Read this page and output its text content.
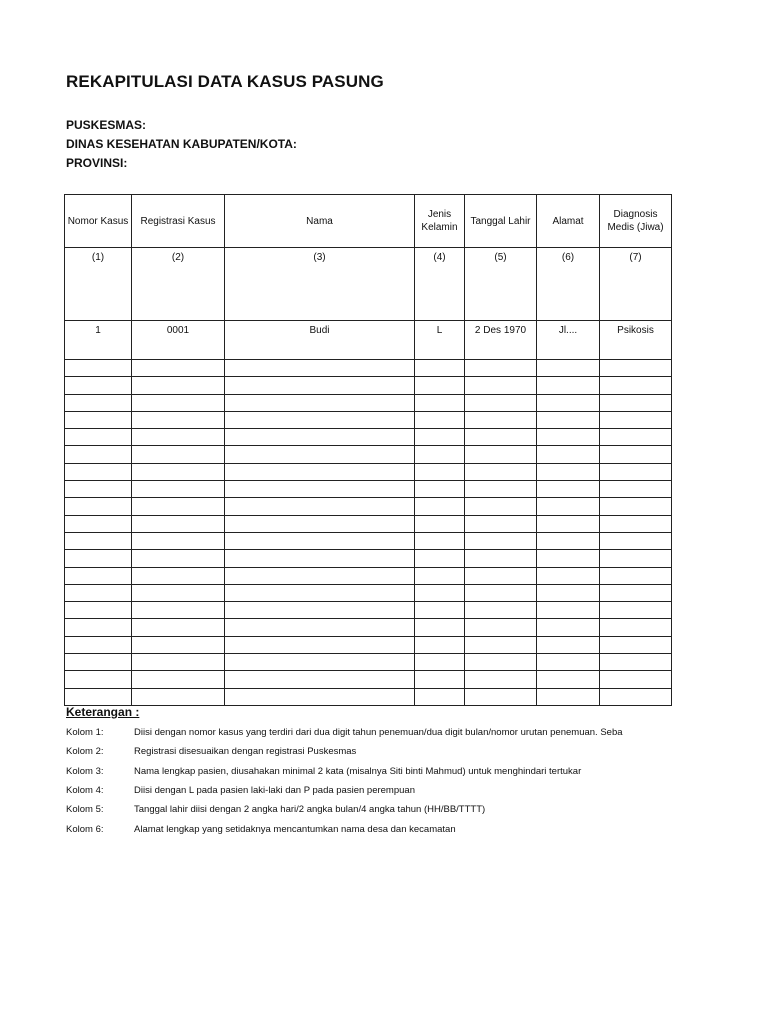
REKAPITULASI DATA KASUS PASUNG
PUSKESMAS:
DINAS KESEHATAN KABUPATEN/KOTA:
PROVINSI:
Nomor Kasus	Registrasi Kasus	Nama	Jenis Kelamin	Tanggal Lahir	Alamat	Diagnosis Medis (Jiwa)
(1)	(2)	(3)	(4)	(5)	(6)	(7)
1	0001	Budi	L	2 Des 1970	Jl....	Psikosis

Keterangan :
Kolom 1:	Diisi dengan nomor kasus yang terdiri dari dua digit tahun penemuan/dua digit bulan/nomor urutan penemuan. Seba
Kolom 2:	Registrasi disesuaikan dengan registrasi Puskesmas
Kolom 3:	Nama lengkap pasien, diusahakan minimal 2 kata (misalnya Siti binti Mahmud) untuk menghindari tertukar
Kolom 4:	Diisi dengan L pada pasien laki-laki dan P pada pasien perempuan
Kolom 5:	Tanggal lahir diisi dengan 2 angka hari/2 angka bulan/4 angka tahun (HH/BB/TTTT)
Kolom 6:	Alamat lengkap yang setidaknya mencantumkan nama desa dan kecamatan
